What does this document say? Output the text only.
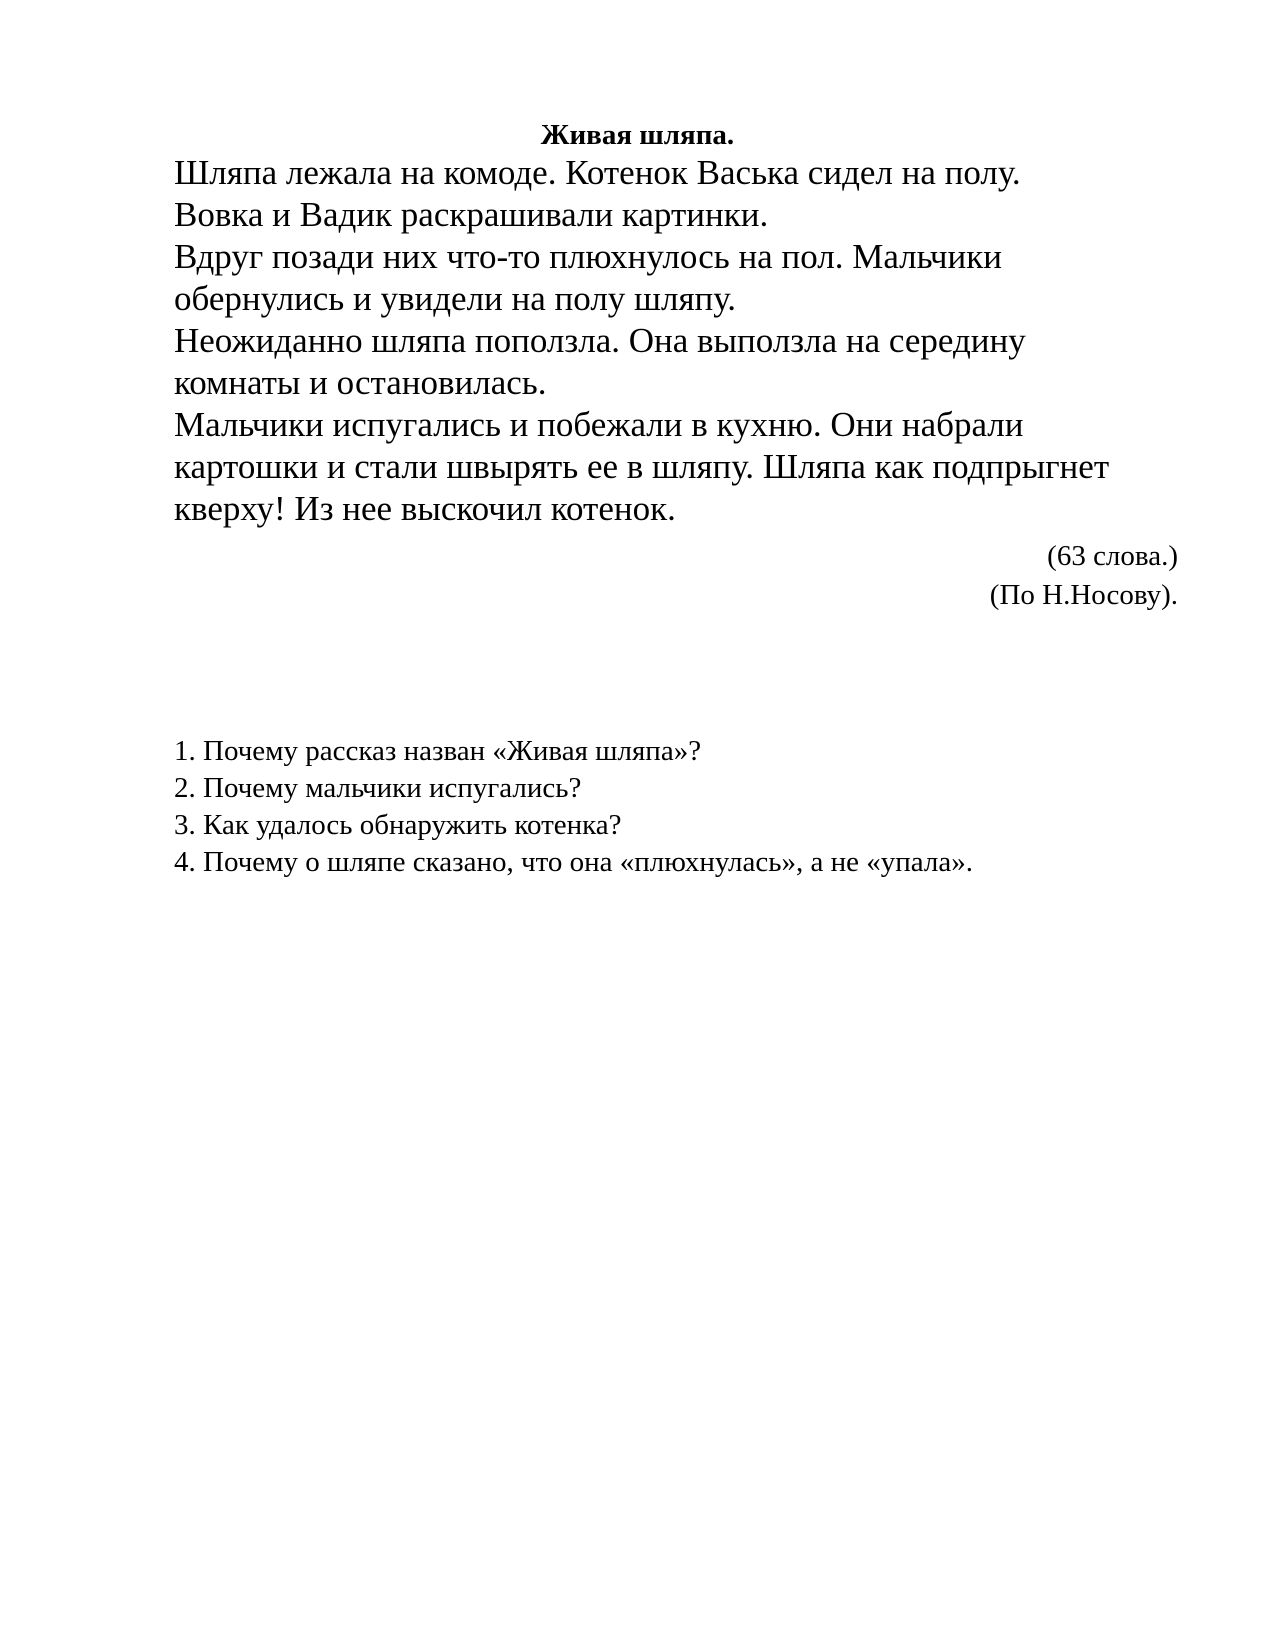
Живая шляпа.
Шляпа лежала на комоде. Котенок Васька сидел на полу.
Вовка и Вадик раскрашивали картинки.
Вдруг позади них что-то плюхнулось на пол. Мальчики
обернулись и увидели на полу шляпу.
Неожиданно шляпа поползла. Она выползла на середину
комнаты и остановилась.
Мальчики испугались и побежали в кухню. Они набрали
картошки и стали швырять ее в шляпу. Шляпа как подпрыгнет
кверху! Из нее выскочил котенок.
(63 слова.)
(По Н.Носову).
1. Почему рассказ назван «Живая шляпа»?
2. Почему мальчики испугались?
3. Как удалось обнаружить котенка?
4. Почему о шляпе сказано, что она «плюхнулась», а не «упала».
